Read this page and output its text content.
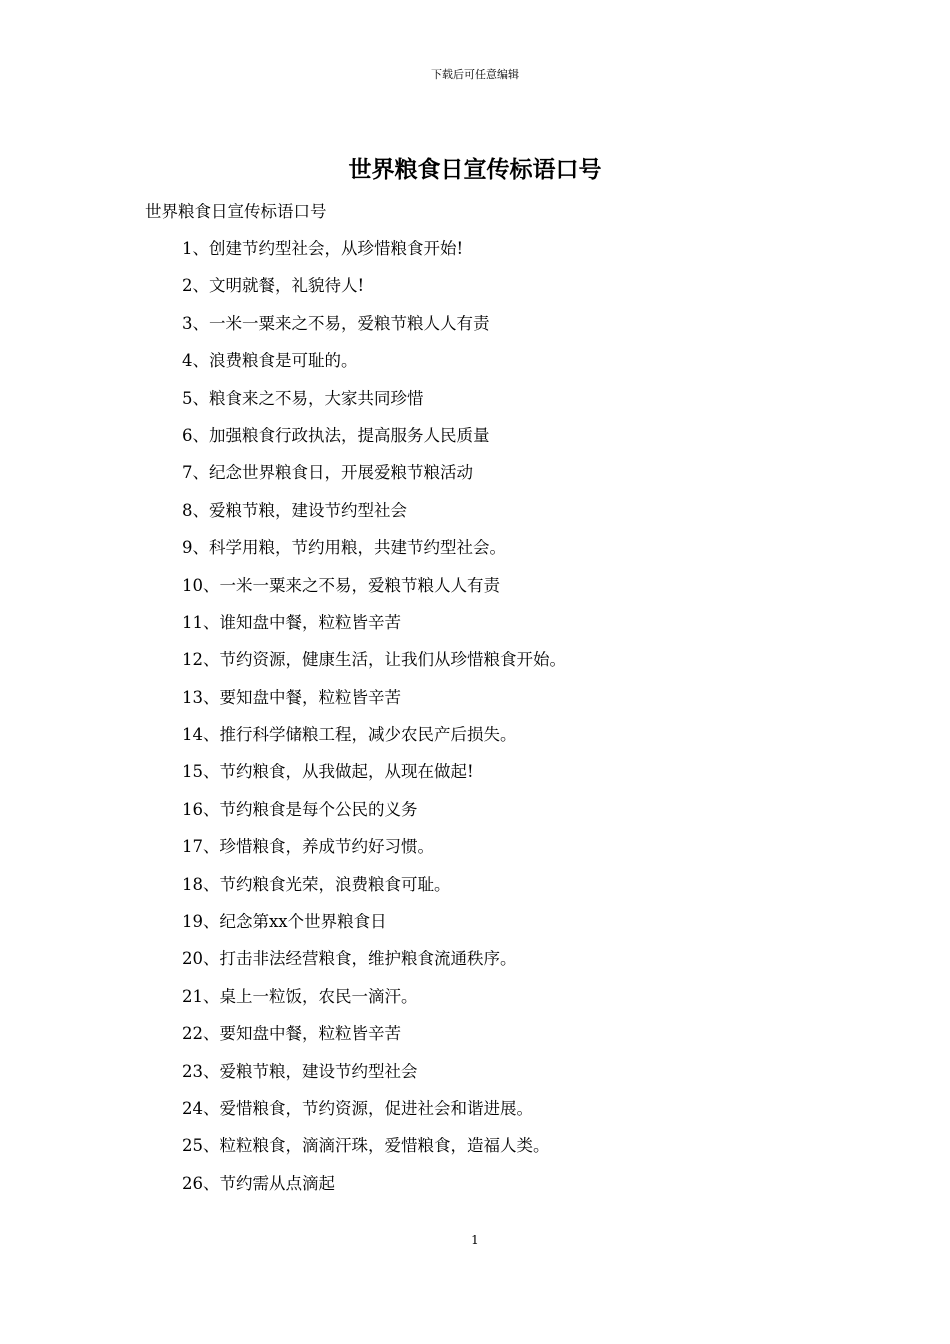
下载后可任意编辑
世界粮食日宣传标语口号
世界粮食日宣传标语口号
1、创建节约型社会，从珍惜粮食开始!
2、文明就餐，礼貌待人!
3、一米一粟来之不易，爱粮节粮人人有责
4、浪费粮食是可耻的。
5、粮食来之不易，大家共同珍惜
6、加强粮食行政执法，提高服务人民质量
7、纪念世界粮食日，开展爱粮节粮活动
8、爱粮节粮，建设节约型社会
9、科学用粮，节约用粮，共建节约型社会。
10、一米一粟来之不易，爱粮节粮人人有责
11、谁知盘中餐，粒粒皆辛苦
12、节约资源，健康生活，让我们从珍惜粮食开始。
13、要知盘中餐，粒粒皆辛苦
14、推行科学储粮工程，减少农民产后损失。
15、节约粮食，从我做起，从现在做起!
16、节约粮食是每个公民的义务
17、珍惜粮食，养成节约好习惯。
18、节约粮食光荣，浪费粮食可耻。
19、纪念第xx个世界粮食日
20、打击非法经营粮食，维护粮食流通秩序。
21、桌上一粒饭，农民一滴汗。
22、要知盘中餐，粒粒皆辛苦
23、爱粮节粮，建设节约型社会
24、爱惜粮食，节约资源，促进社会和谐进展。
25、粒粒粮食，滴滴汗珠，爱惜粮食，造福人类。
26、节约需从点滴起
1
